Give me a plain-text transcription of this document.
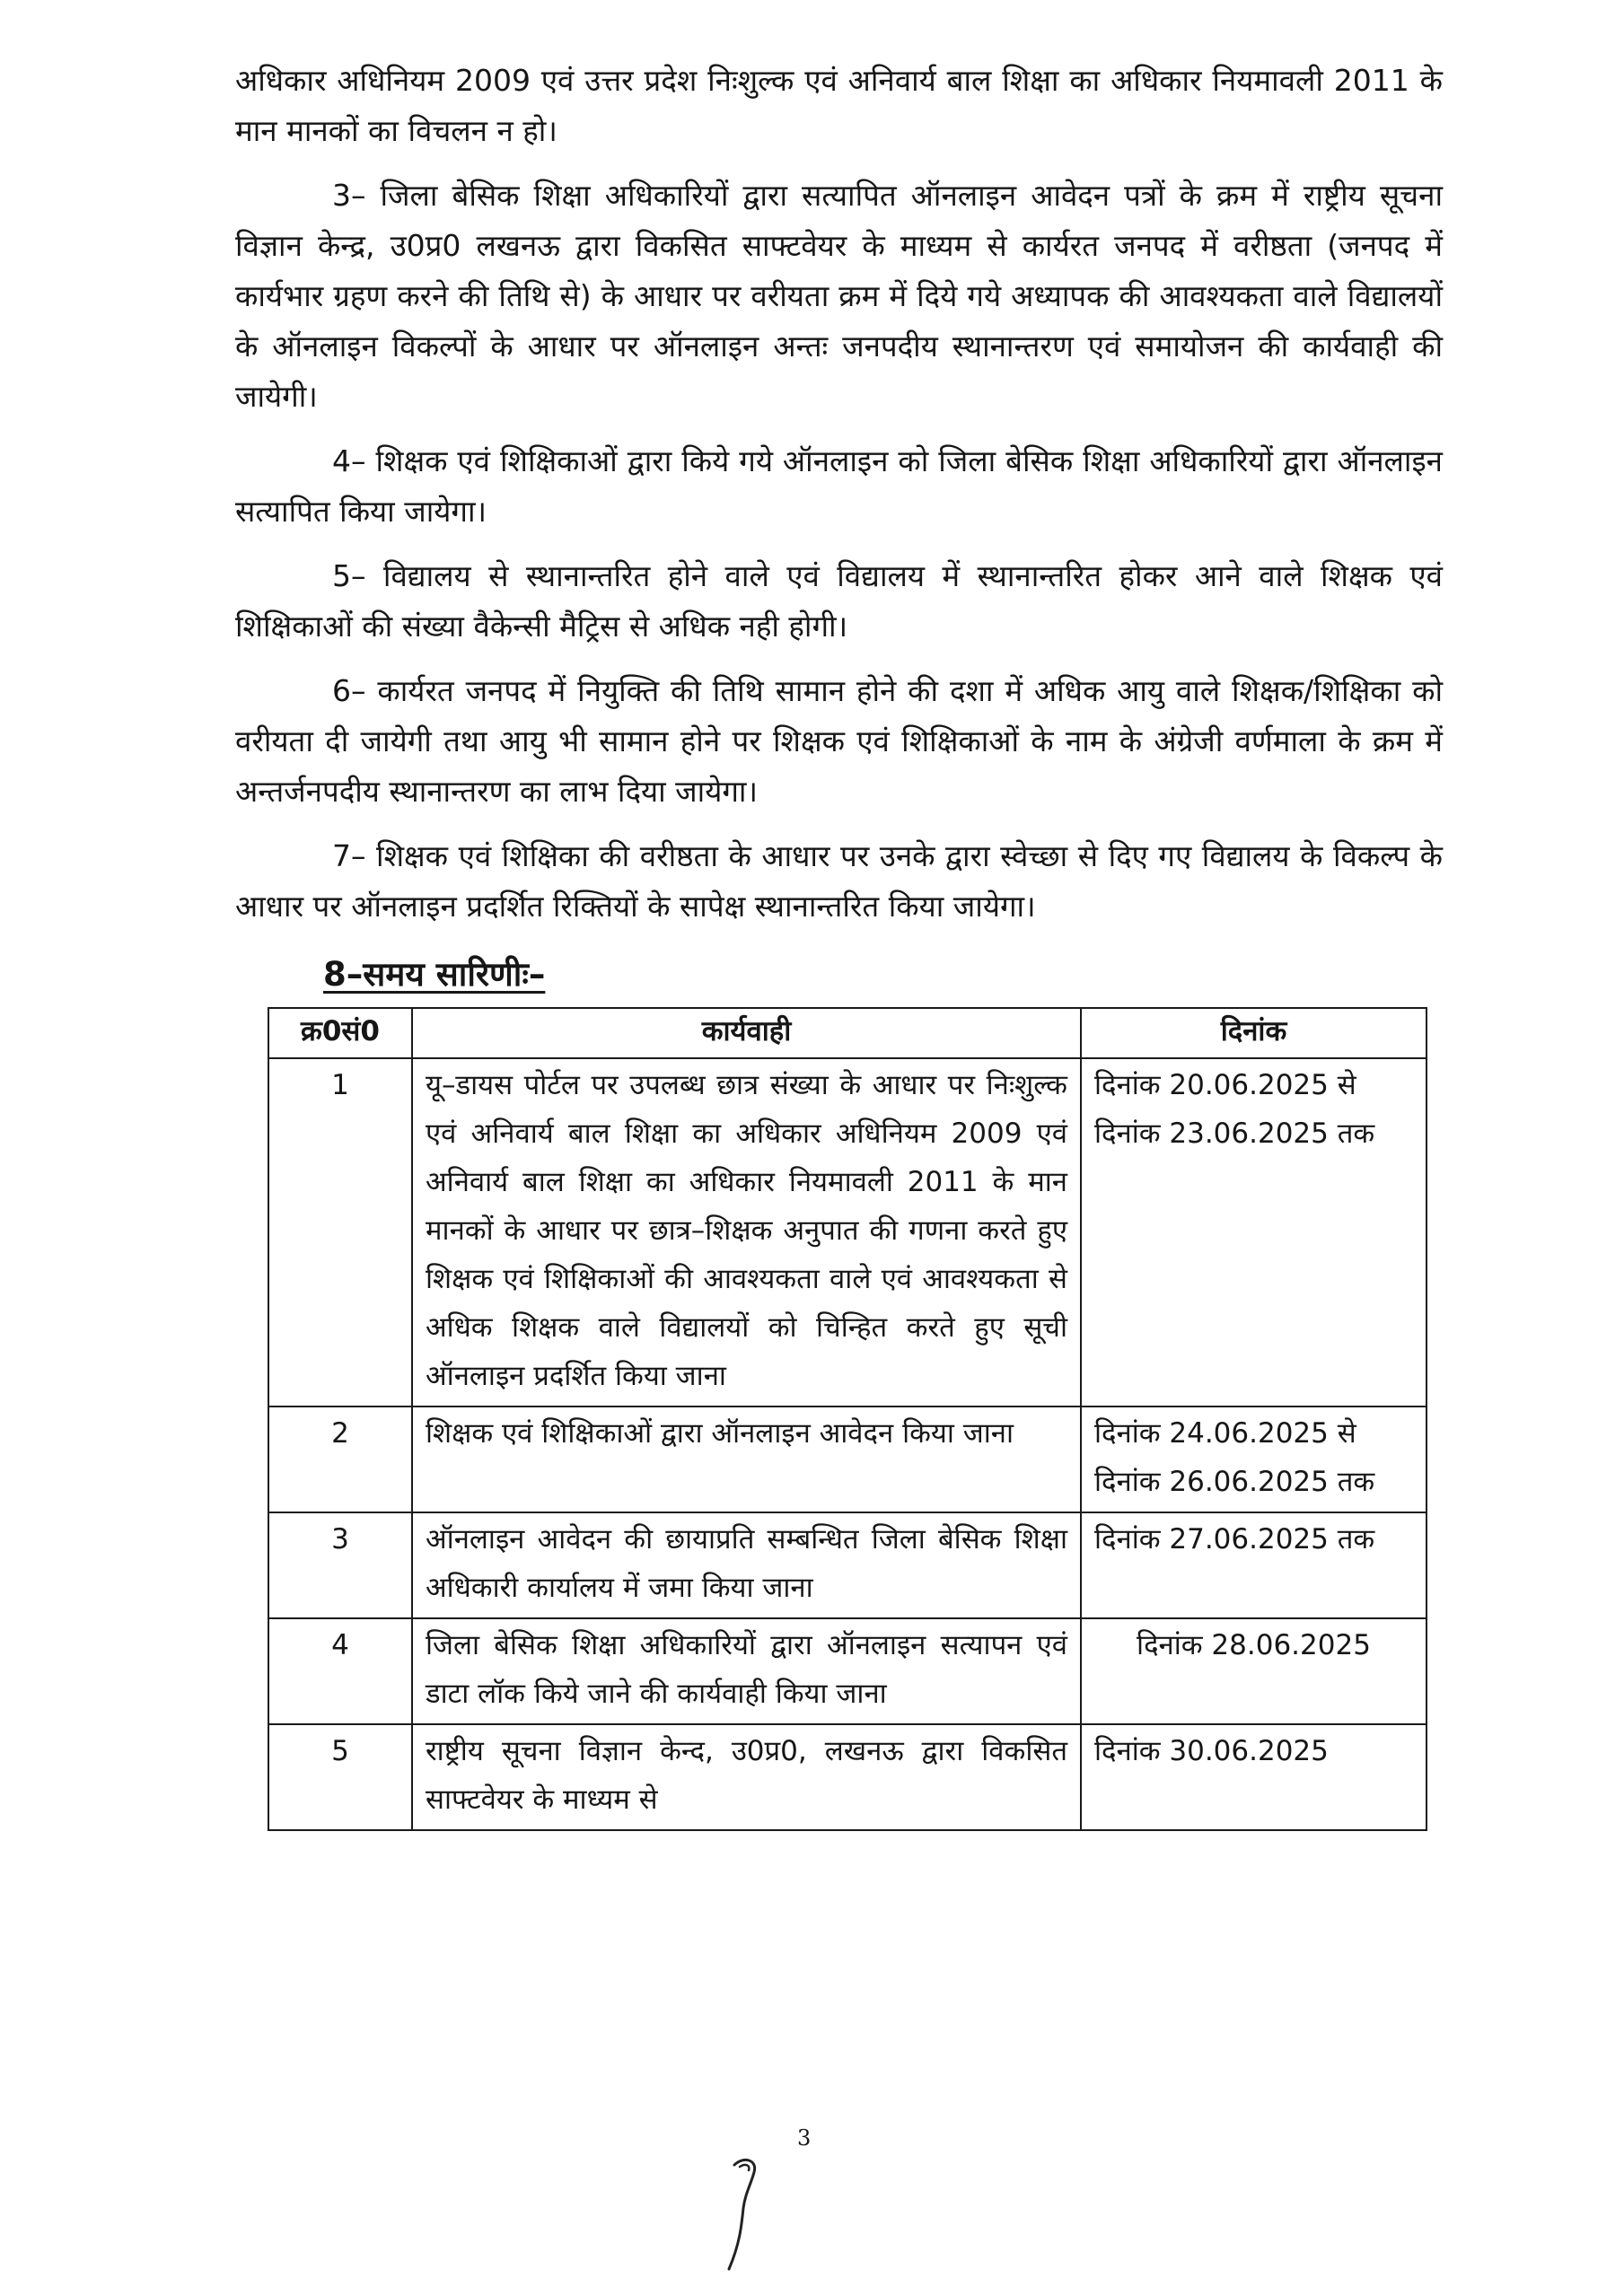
अधिकार अधिनियम 2009 एवं उत्तर प्रदेश निःशुल्क एवं अनिवार्य बाल शिक्षा का अधिकार नियमावली 2011 के मान मानकों का विचलन न हो।

3– जिला बेसिक शिक्षा अधिकारियों द्वारा सत्यापित ऑनलाइन आवेदन पत्रों के क्रम में राष्ट्रीय सूचना विज्ञान केन्द्र, उ0प्र0 लखनऊ द्वारा विकसित साफ्टवेयर के माध्यम से कार्यरत जनपद में वरीष्ठता (जनपद में कार्यभार ग्रहण करने की तिथि से) के आधार पर वरीयता क्रम में दिये गये अध्यापक की आवश्यकता वाले विद्यालयों के ऑनलाइन विकल्पों के आधार पर ऑनलाइन अन्तः जनपदीय स्थानान्तरण एवं समायोजन की कार्यवाही की जायेगी।

4– शिक्षक एवं शिक्षिकाओं द्वारा किये गये ऑनलाइन को जिला बेसिक शिक्षा अधिकारियों द्वारा ऑनलाइन सत्यापित किया जायेगा।

5– विद्यालय से स्थानान्तरित होने वाले एवं विद्यालय में स्थानान्तरित होकर आने वाले शिक्षक एवं शिक्षिकाओं की संख्या वैकेन्सी मैट्रिस से अधिक नही होगी।

6– कार्यरत जनपद में नियुक्ति की तिथि सामान होने की दशा में अधिक आयु वाले शिक्षक/शिक्षिका को वरीयता दी जायेगी तथा आयु भी सामान होने पर शिक्षक एवं शिक्षिकाओं के नाम के अंग्रेजी वर्णमाला के क्रम में अन्तर्जनपदीय स्थानान्तरण का लाभ दिया जायेगा।

7– शिक्षक एवं शिक्षिका की वरीष्ठता के आधार पर उनके द्वारा स्वेच्छा से दिए गए विद्यालय के विकल्प के आधार पर ऑनलाइन प्रदर्शित रिक्तियों के सापेक्ष स्थानान्तरित किया जायेगा।

8–समय सारिणीः–
क्र0सं0	कार्यवाही	दिनांक
1	यू–डायस पोर्टल पर उपलब्ध छात्र संख्या के आधार पर निःशुल्क एवं अनिवार्य बाल शिक्षा का अधिकार अधिनियम 2009 एवं अनिवार्य बाल शिक्षा का अधिकार नियमावली 2011 के मान मानकों के आधार पर छात्र–शिक्षक अनुपात की गणना करते हुए शिक्षक एवं शिक्षिकाओं की आवश्यकता वाले एवं आवश्यकता से अधिक शिक्षक वाले विद्यालयों को चिन्हित करते हुए सूची ऑनलाइन प्रदर्शित किया जाना	दिनांक 20.06.2025 से
दिनांक 23.06.2025 तक

2	शिक्षक एवं शिक्षिकाओं द्वारा ऑनलाइन आवेदन किया जाना	दिनांक 24.06.2025 से
दिनांक 26.06.2025 तक

3	ऑनलाइन आवेदन की छायाप्रति सम्बन्धित जिला बेसिक शिक्षा अधिकारी कार्यालय में जमा किया जाना	दिनांक 27.06.2025 तक

4	जिला बेसिक शिक्षा अधिकारियों द्वारा ऑनलाइन सत्यापन एवं डाटा लॉक किये जाने की कार्यवाही किया जाना	दिनांक 28.06.2025

5	राष्ट्रीय सूचना विज्ञान केन्द, उ0प्र0, लखनऊ द्वारा विकसित साफ्टवेयर के माध्यम से	दिनांक 30.06.2025
3
